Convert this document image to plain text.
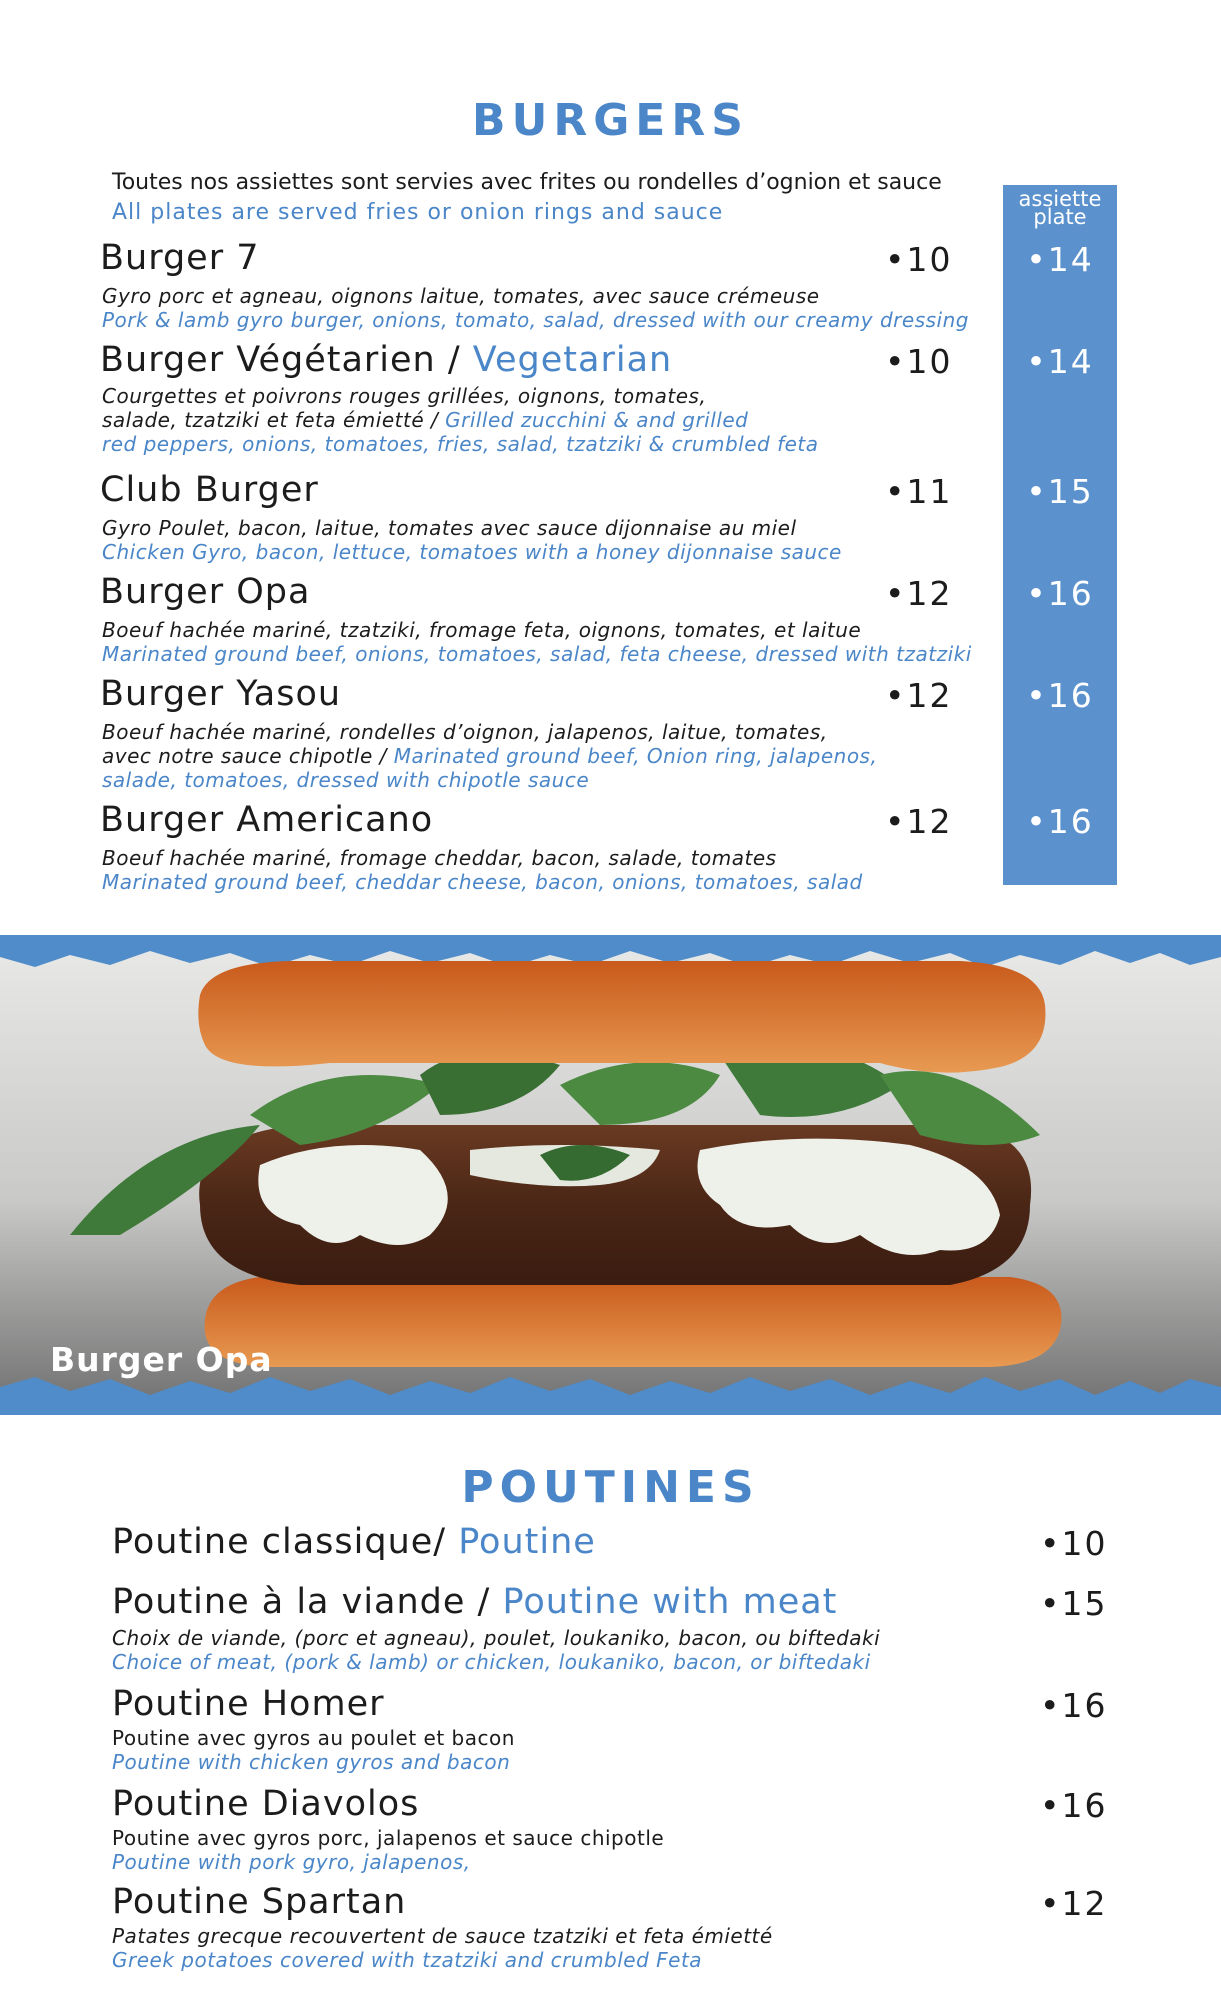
BURGERS
Toutes nos assiettes sont servies avec frites ou rondelles d’ognion et sauce
All plates are served fries or onion rings and sauce
assiette
plate
Burger 7	•10	•14
Gyro porc et agneau, oignons laitue, tomates, avec sauce crémeuse
Pork & lamb gyro burger, onions, tomato, salad, dressed with our creamy dressing
Burger Végétarien / Vegetarian	•10	•14
Courgettes et poivrons rouges grillées, oignons, tomates,
salade, tzatziki et feta émietté / Grilled zucchini & and grilled
red peppers, onions, tomatoes, fries, salad, tzatziki & crumbled feta
Club Burger	•11	•15
Gyro Poulet, bacon, laitue, tomates avec sauce dijonnaise au miel
Chicken Gyro, bacon, lettuce, tomatoes with a honey dijonnaise sauce
Burger Opa	•12	•16
Boeuf hachée mariné, tzatziki, fromage feta, oignons, tomates, et laitue
Marinated ground beef, onions, tomatoes, salad, feta cheese, dressed with tzatziki
Burger Yasou	•12	•16
Boeuf hachée mariné, rondelles d’oignon, jalapenos, laitue, tomates,
avec notre sauce chipotle / Marinated ground beef, Onion ring, jalapenos,
salade, tomatoes, dressed with chipotle sauce
Burger Americano	•12	•16
Boeuf hachée mariné, fromage cheddar, bacon, salade, tomates
Marinated ground beef, cheddar cheese, bacon, onions, tomatoes, salad
Burger Opa
POUTINES
Poutine classique/ Poutine	•10
Poutine à la viande / Poutine with meat	•15
Choix de viande, (porc et agneau), poulet, loukaniko, bacon, ou biftedaki
Choice of meat, (pork & lamb) or chicken, loukaniko, bacon, or biftedaki
Poutine Homer	•16
Poutine avec gyros au poulet et bacon
Poutine with chicken gyros and bacon
Poutine Diavolos	•16
Poutine avec gyros porc, jalapenos et sauce chipotle
Poutine with pork gyro, jalapenos,
Poutine Spartan	•12
Patates grecque recouvertent de sauce tzatziki et feta émietté
Greek potatoes covered with tzatziki and crumbled Feta
